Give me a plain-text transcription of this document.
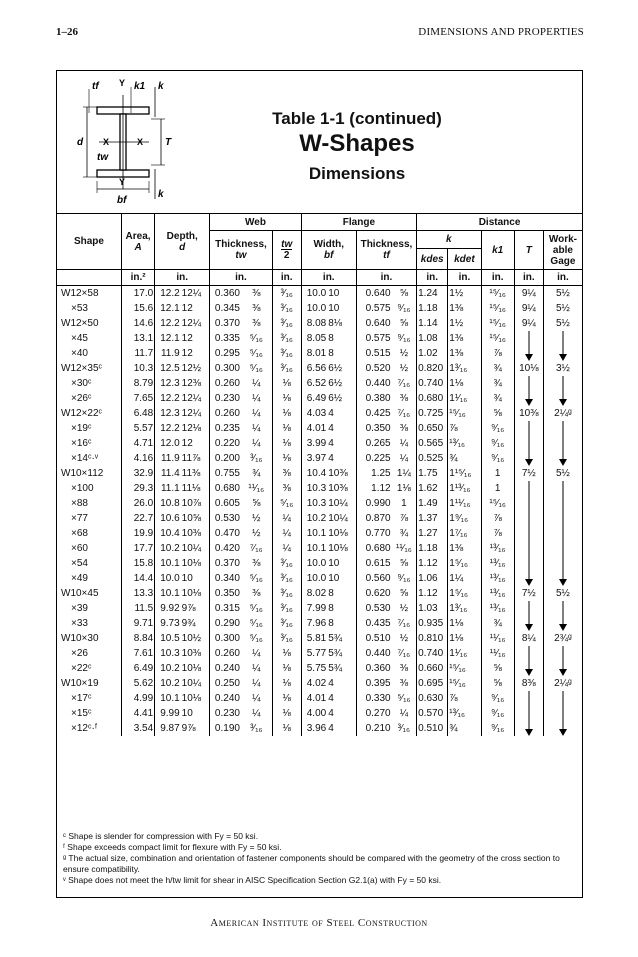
1–26	DIMENSIONS AND PROPERTIES
tf Y k1 k
d X	X
tw
T
Y
k
bf
Table 1-1 (continued)
W-Shapes
Dimensions
Shape	Area,
A	Depth,
d		Web			Flange				Distance				
				Thickness,
tw		tw
2	Width,
bf		Thickness,
tf		k		k1	T	Work-
able
Gage
											kdes	kdet			
	in.²	in.		in.		in.	in.		in.		in.	in.	in.	in.	in.
W12×58	17.0	12.2	12¼	0.360	⅜	³⁄₁₆	10.0	10	0.640	⅝	1.24	1½	¹⁵⁄₁₆	9¼	5½
×53	15.6	12.1	12	0.345	⅜	³⁄₁₆	10.0	10	0.575	⁹⁄₁₆	1.18	1⅜	¹⁵⁄₁₆	9¼	5½
W12×50	14.6	12.2	12¼	0.370	⅜	³⁄₁₆	8.08	8⅛	0.640	⅝	1.14	1½	¹⁵⁄₁₆	9¼	5½
×45	13.1	12.1	12	0.335	⁵⁄₁₆	³⁄₁₆	8.05	8	0.575	⁹⁄₁₆	1.08	1⅜	¹⁵⁄₁₆	

×40	11.7	11.9	12	0.295	⁵⁄₁₆	³⁄₁₆	8.01	8	0.515	½	1.02	1⅜	⅞	

W12×35ᶜ	10.3	12.5	12½	0.300	⁵⁄₁₆	³⁄₁₆	6.56	6½	0.520	½	0.820	1³⁄₁₆	¾	10⅛	3½
×30ᶜ	8.79	12.3	12⅜	0.260	¼	⅛	6.52	6½	0.440	⁷⁄₁₆	0.740	1⅛	¾	

×26ᶜ	7.65	12.2	12¼	0.230	¼	⅛	6.49	6½	0.380	⅜	0.680	1¹⁄₁₆	¾	

W12×22ᶜ	6.48	12.3	12¼	0.260	¼	⅛	4.03	4	0.425	⁷⁄₁₆	0.725	¹⁵⁄₁₆	⅝	10⅜	2¼ᵍ
×19ᶜ	5.57	12.2	12⅛	0.235	¼	⅛	4.01	4	0.350	⅜	0.650	⅞	⁹⁄₁₆	

×16ᶜ	4.71	12.0	12	0.220	¼	⅛	3.99	4	0.265	¼	0.565	¹³⁄₁₆	⁹⁄₁₆	

×14ᶜ·ᵛ	4.16	11.9	11⅞	0.200	³⁄₁₆	⅛	3.97	4	0.225	¼	0.525	¾	⁹⁄₁₆	

W10×112	32.9	11.4	11⅜	0.755	¾	⅜	10.4	10⅜	1.25	1¼	1.75	1¹⁵⁄₁₆	1	7½	5½
×100	29.3	11.1	11⅛	0.680	¹¹⁄₁₆	⅜	10.3	10⅜	1.12	1⅛	1.62	1¹³⁄₁₆	1	

×88	26.0	10.8	10⅞	0.605	⅝	⁵⁄₁₆	10.3	10¼	0.990	1	1.49	1¹¹⁄₁₆	¹⁵⁄₁₆	

×77	22.7	10.6	10⅝	0.530	½	¼	10.2	10¼	0.870	⅞	1.37	1⁹⁄₁₆	⅞	

×68	19.9	10.4	10⅜	0.470	½	¼	10.1	10⅛	0.770	¾	1.27	1⁷⁄₁₆	⅞	

×60	17.7	10.2	10¼	0.420	⁷⁄₁₆	¼	10.1	10⅛	0.680	¹¹⁄₁₆	1.18	1⅜	¹³⁄₁₆	

×54	15.8	10.1	10⅛	0.370	⅜	³⁄₁₆	10.0	10	0.615	⅝	1.12	1⁵⁄₁₆	¹³⁄₁₆	

×49	14.4	10.0	10	0.340	⁵⁄₁₆	³⁄₁₆	10.0	10	0.560	⁹⁄₁₆	1.06	1¼	¹³⁄₁₆	

W10×45	13.3	10.1	10⅛	0.350	⅜	³⁄₁₆	8.02	8	0.620	⅝	1.12	1⁵⁄₁₆	¹³⁄₁₆	7½	5½
×39	11.5	9.92	9⅞	0.315	⁵⁄₁₆	³⁄₁₆	7.99	8	0.530	½	1.03	1³⁄₁₆	¹³⁄₁₆	

×33	9.71	9.73	9¾	0.290	⁵⁄₁₆	³⁄₁₆	7.96	8	0.435	⁷⁄₁₆	0.935	1⅛	¾	

W10×30	8.84	10.5	10½	0.300	⁵⁄₁₆	³⁄₁₆	5.81	5¾	0.510	½	0.810	1⅛	¹¹⁄₁₆	8¼	2¾ᵍ
×26	7.61	10.3	10⅜	0.260	¼	⅛	5.77	5¾	0.440	⁷⁄₁₆	0.740	1¹⁄₁₆	¹¹⁄₁₆	

×22ᶜ	6.49	10.2	10⅛	0.240	¼	⅛	5.75	5¾	0.360	⅜	0.660	¹⁵⁄₁₆	⅝	

W10×19	5.62	10.2	10¼	0.250	¼	⅛	4.02	4	0.395	⅜	0.695	¹⁵⁄₁₆	⅝	8⅜	2¼ᵍ
×17ᶜ	4.99	10.1	10⅛	0.240	¼	⅛	4.01	4	0.330	⁵⁄₁₆	0.630	⅞	⁹⁄₁₆	

×15ᶜ	4.41	9.99	10	0.230	¼	⅛	4.00	4	0.270	¼	0.570	¹³⁄₁₆	⁹⁄₁₆	

×12ᶜ·ᶠ	3.54	9.87	9⅞	0.190	³⁄₁₆	⅛	3.96	4	0.210	³⁄₁₆	0.510	¾	⁹⁄₁₆	

ᶜ Shape is slender for compression with Fy = 50 ksi.
ᶠ Shape exceeds compact limit for flexure with Fy = 50 ksi.
ᵍ The actual size, combination and orientation of fastener components should be compared with the geometry of the cross section to ensure compatibility.
ᵛ Shape does not meet the h/tw limit for shear in AISC Specification Section G2.1(a) with Fy = 50 ksi.
American Institute of Steel Construction
